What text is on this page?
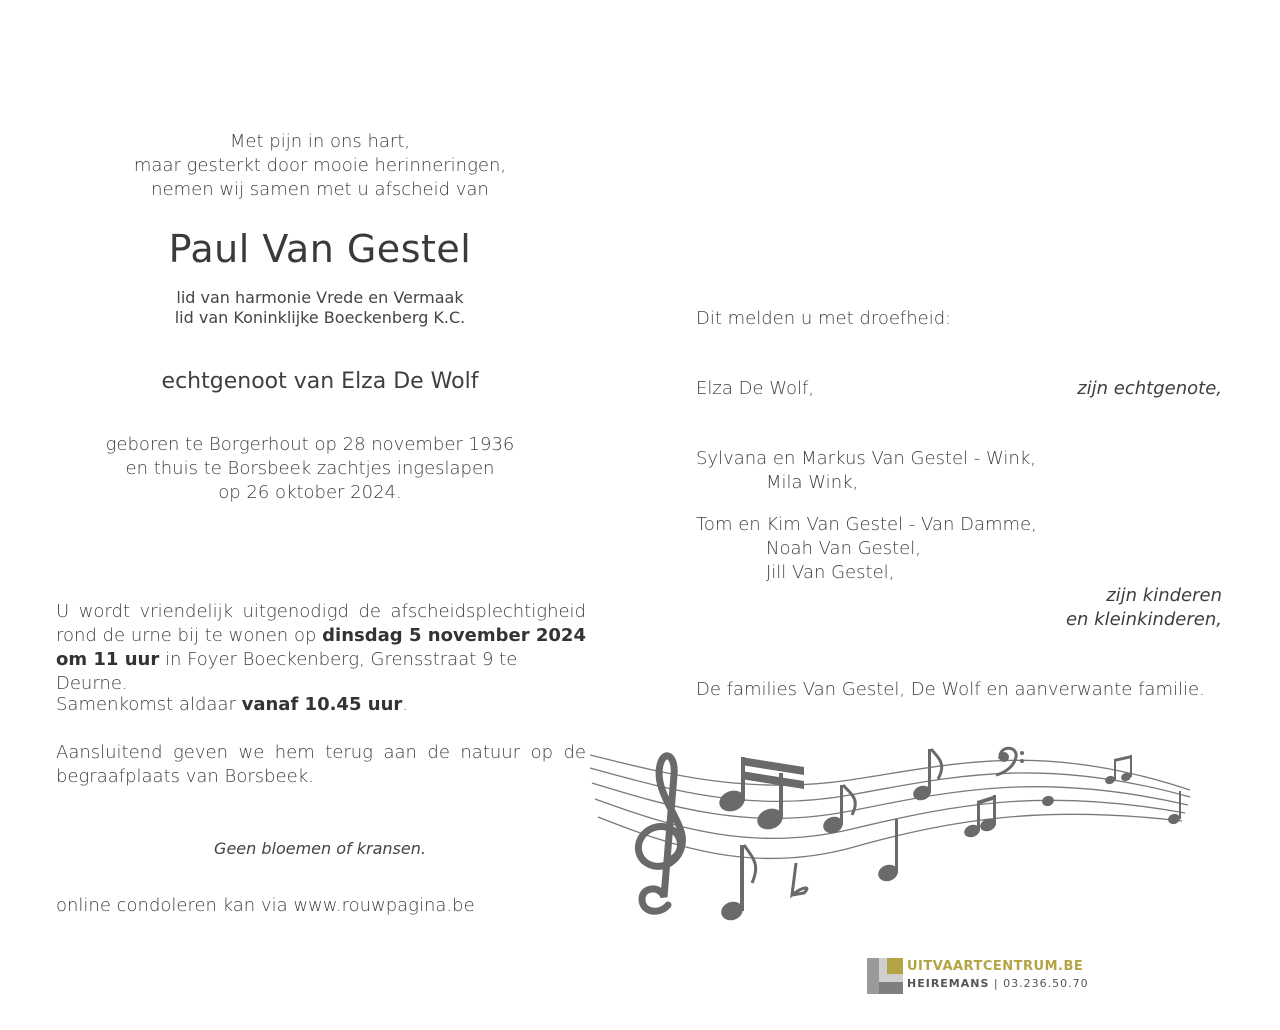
Met pijn in ons hart,
maar gesterkt door mooie herinneringen,
nemen wij samen met u afscheid van
Paul Van Gestel
lid van harmonie Vrede en Vermaak
lid van Koninklijke Boeckenberg K.C.
echtgenoot van Elza De Wolf
geboren te Borgerhout op 28 november 1936
en thuis te Borsbeek zachtjes ingeslapen
op 26 oktober 2024.
U wordt vriendelijk uitgenodigd de afscheidsplechtigheid
rond de urne bij te wonen op dinsdag 5 november 2024
om 11 uur in Foyer Boeckenberg, Grensstraat 9 te Deurne.
Samenkomst aldaar vanaf 10.45 uur.
Aansluitend geven we hem terug aan de natuur op de
begraafplaats van Borsbeek.
Geen bloemen of kransen.
online condoleren kan via www.rouwpagina.be
Dit melden u met droefheid:
Elza De Wolf,	zijn echtgenote,
Sylvana en Markus Van Gestel - Wink,
Mila Wink,
Tom en Kim Van Gestel - Van Damme,
Noah Van Gestel,
Jill Van Gestel,
zijn kinderen
en kleinkinderen,
De families Van Gestel, De Wolf en aanverwante familie.
UITVAARTCENTRUM.BE
HEIREMANS | 03.236.50.70
